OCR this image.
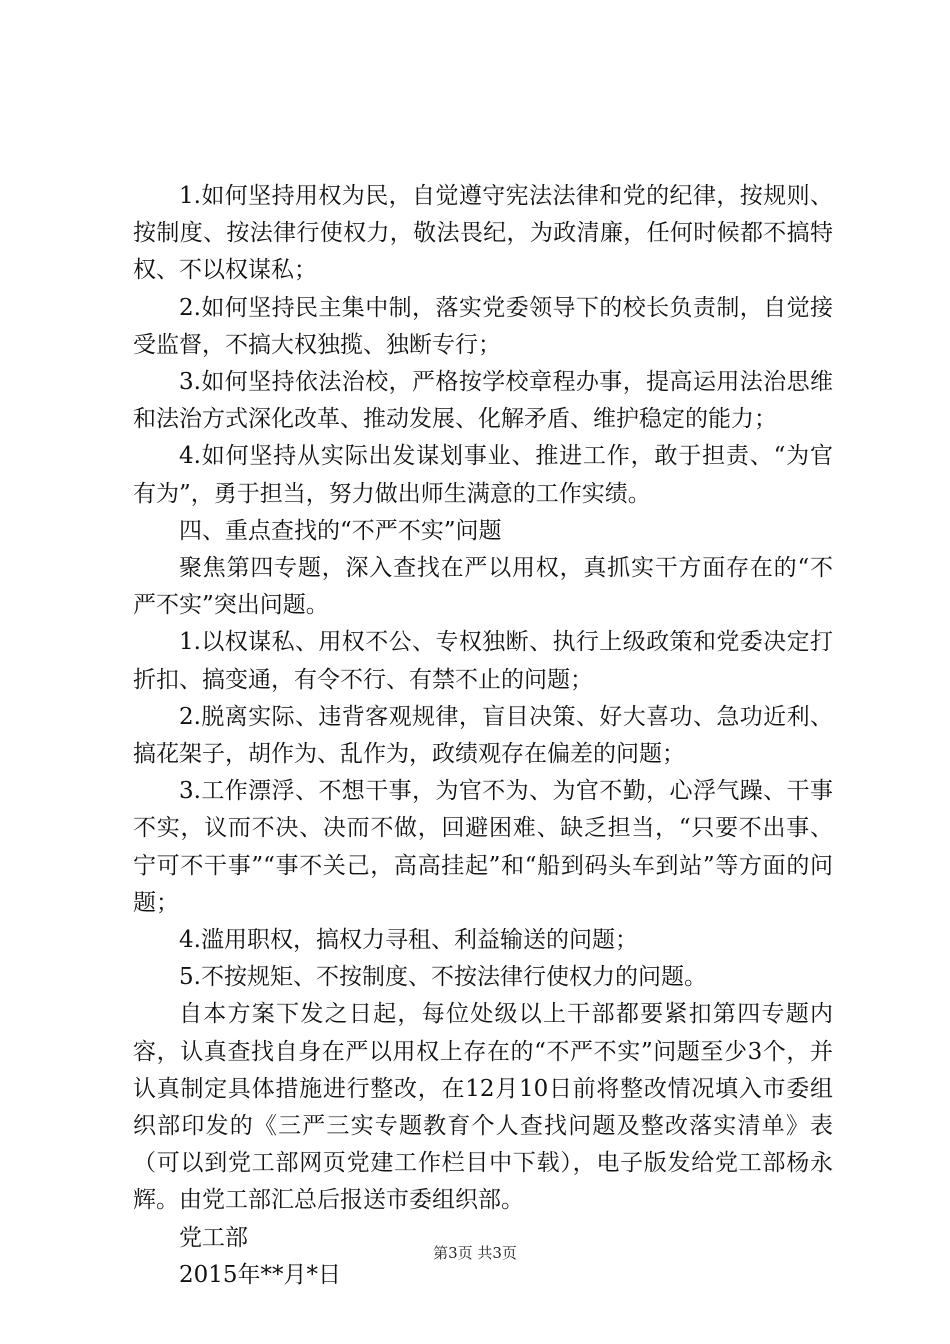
1.如何坚持用权为民，自觉遵守宪法法律和党的纪律，按规则、按制度、按法律行使权力，敬法畏纪，为政清廉，任何时候都不搞特权、不以权谋私；

2.如何坚持民主集中制，落实党委领导下的校长负责制，自觉接受监督，不搞大权独揽、独断专行；

3.如何坚持依法治校，严格按学校章程办事，提高运用法治思维和法治方式深化改革、推动发展、化解矛盾、维护稳定的能力；

4.如何坚持从实际出发谋划事业、推进工作，敢于担责、“为官有为”，勇于担当，努力做出师生满意的工作实绩。

四、重点查找的“不严不实”问题

聚焦第四专题，深入查找在严以用权，真抓实干方面存在的“不严不实”突出问题。

1.以权谋私、用权不公、专权独断、执行上级政策和党委决定打折扣、搞变通，有令不行、有禁不止的问题；

2.脱离实际、违背客观规律，盲目决策、好大喜功、急功近利、搞花架子，胡作为、乱作为，政绩观存在偏差的问题；

3.工作漂浮、不想干事，为官不为、为官不勤，心浮气躁、干事不实，议而不决、决而不做，回避困难、缺乏担当，“只要不出事、宁可不干事”“事不关己，高高挂起”和“船到码头车到站”等方面的问题；

4.滥用职权，搞权力寻租、利益输送的问题；

5.不按规矩、不按制度、不按法律行使权力的问题。

自本方案下发之日起，每位处级以上干部都要紧扣第四专题内容，认真查找自身在严以用权上存在的“不严不实”问题至少3个，并认真制定具体措施进行整改，在12月10日前将整改情况填入市委组织部印发的《三严三实专题教育个人查找问题及整改落实清单》表（可以到党工部网页党建工作栏目中下载），电子版发给党工部杨永辉。由党工部汇总后报送市委组织部。

党工部

2015年**月*日

第3页 共3页
